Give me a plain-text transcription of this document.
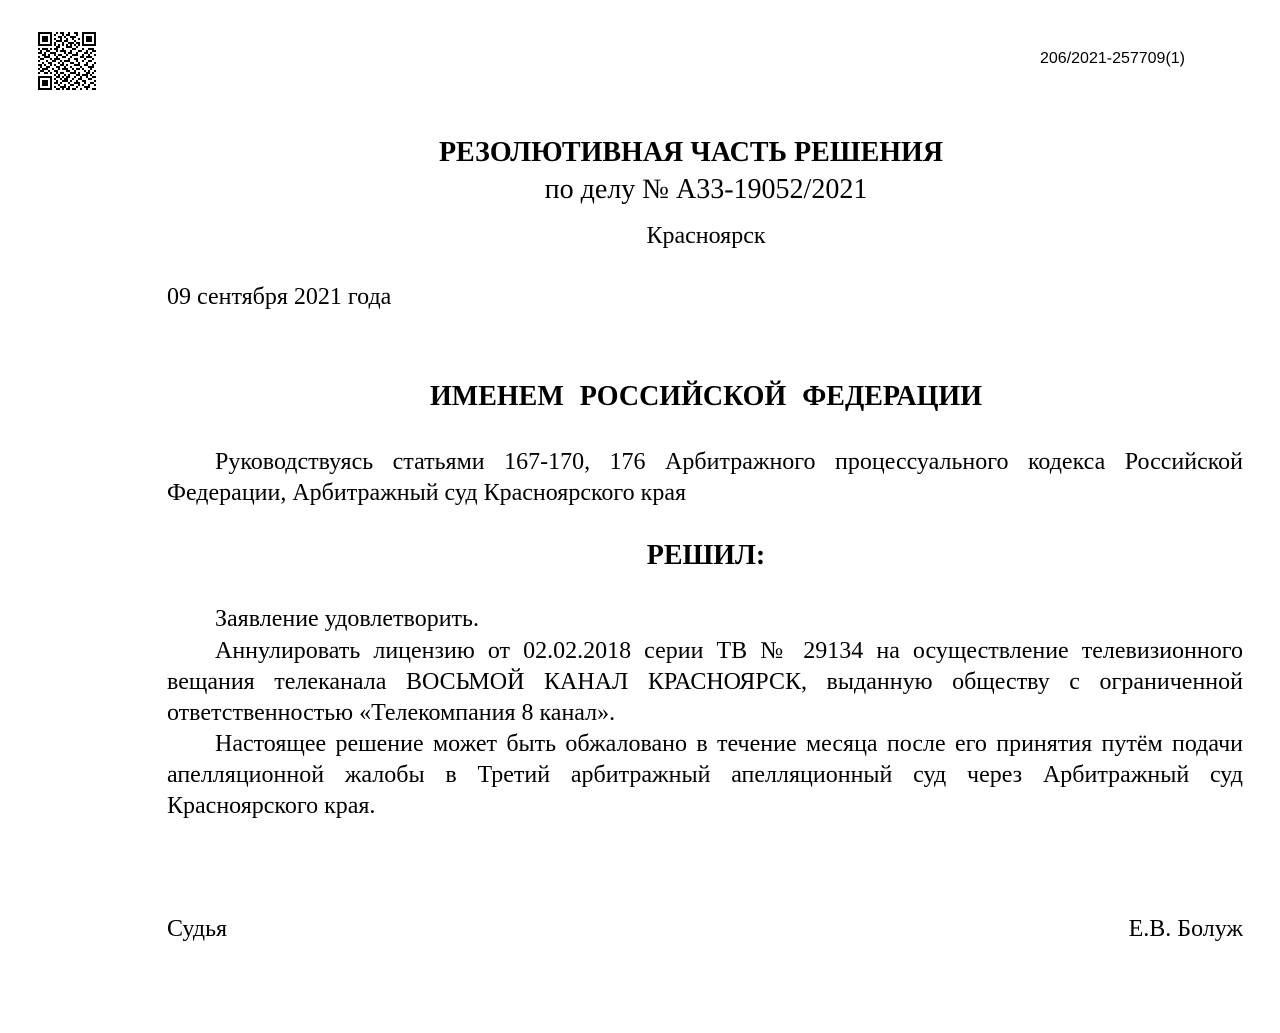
206/2021-257709(1)
РЕЗОЛЮТИВНАЯ ЧАСТЬ РЕШЕНИЯ
по делу № А33-19052/2021
Красноярск
09 сентября 2021 года
ИМЕНЕМ РОССИЙСКОЙ ФЕДЕРАЦИИ

Руководствуясь статьями 167-170, 176 Арбитражного процессуального кодекса Российской Федерации, Арбитражный суд Красноярского края

РЕШИЛ:

Заявление удовлетворить.

Аннулировать лицензию от 02.02.2018 серии ТВ № 29134 на осуществление телевизионного вещания телеканала ВОСЬМОЙ КАНАЛ КРАСНОЯРСК, выданную обществу с ограниченной ответственностью «Телекомпания 8 канал».

Настоящее решение может быть обжаловано в течение месяца после его принятия путём подачи апелляционной жалобы в Третий арбитражный апелляционный суд через Арбитражный суд Красноярского края.

Судья	Е.В. Болуж
